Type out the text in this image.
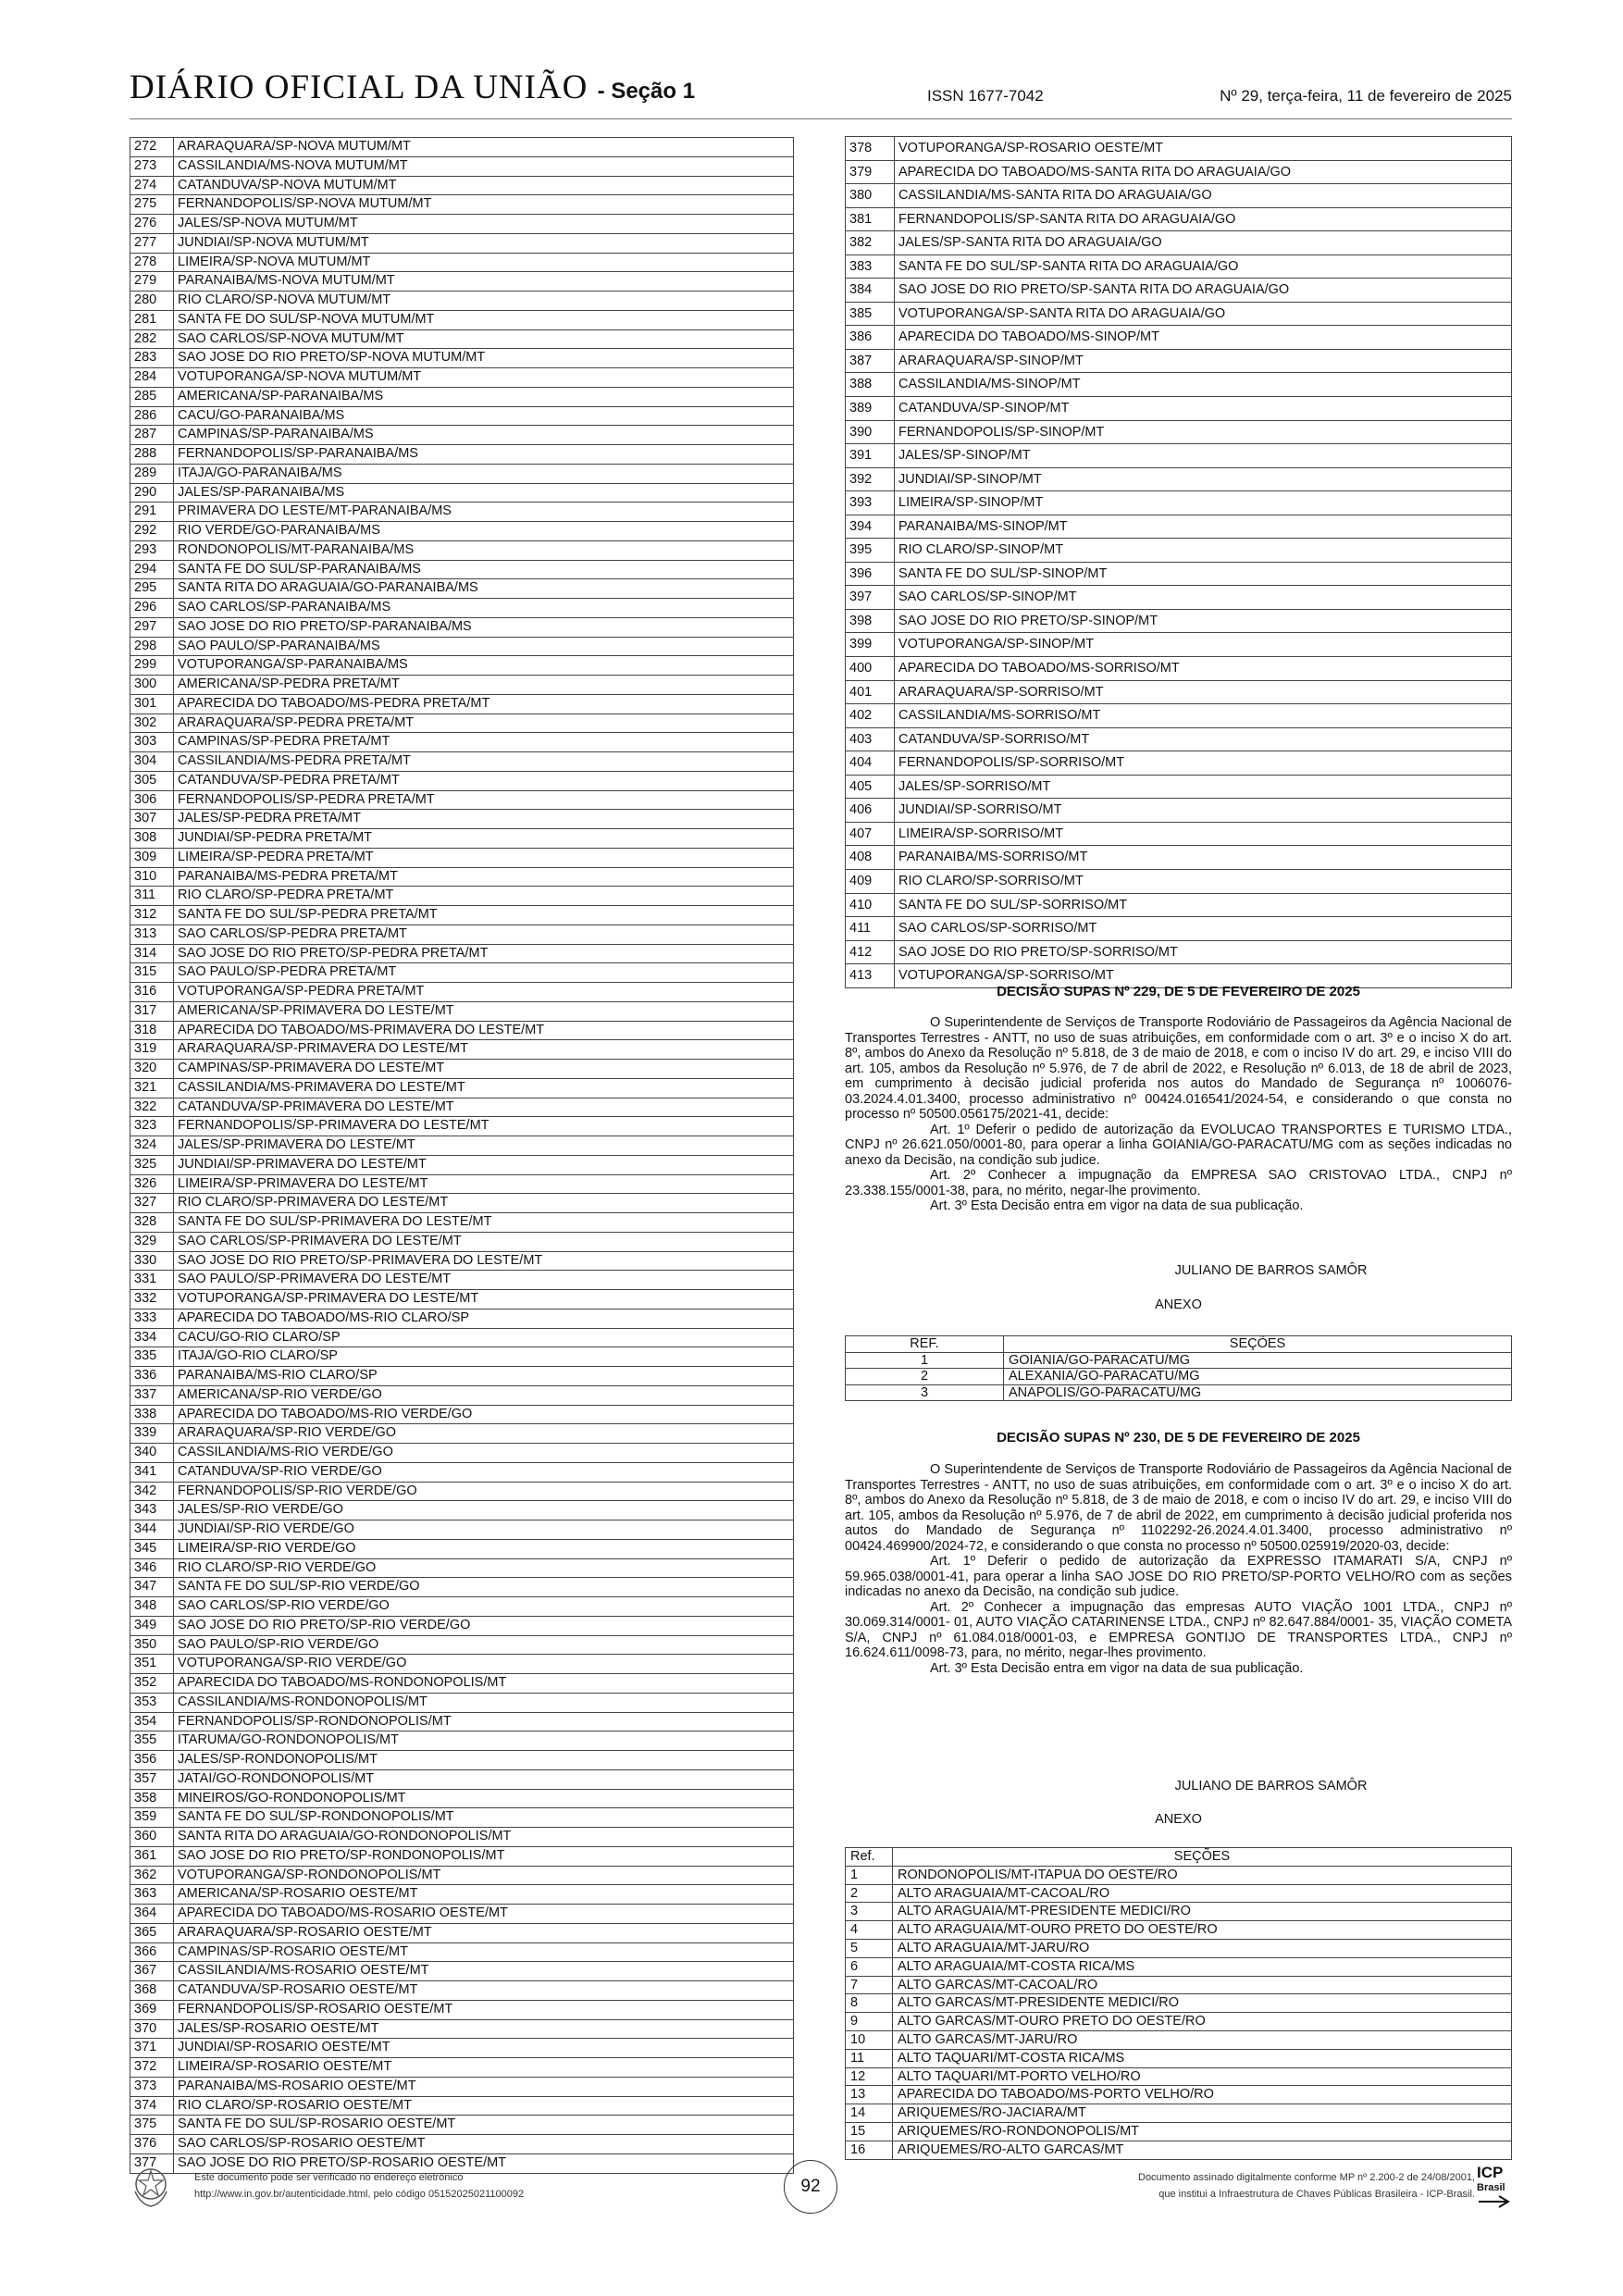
DIÁRIO OFICIAL DA UNIÃO - Seção 1	ISSN 1677-7042	Nº 29, terça-feira, 11 de fevereiro de 2025
272	ARARAQUARA/SP-NOVA MUTUM/MT
273	CASSILANDIA/MS-NOVA MUTUM/MT
274	CATANDUVA/SP-NOVA MUTUM/MT
275	FERNANDOPOLIS/SP-NOVA MUTUM/MT
276	JALES/SP-NOVA MUTUM/MT
277	JUNDIAI/SP-NOVA MUTUM/MT
278	LIMEIRA/SP-NOVA MUTUM/MT
279	PARANAIBA/MS-NOVA MUTUM/MT
280	RIO CLARO/SP-NOVA MUTUM/MT
281	SANTA FE DO SUL/SP-NOVA MUTUM/MT
282	SAO CARLOS/SP-NOVA MUTUM/MT
283	SAO JOSE DO RIO PRETO/SP-NOVA MUTUM/MT
284	VOTUPORANGA/SP-NOVA MUTUM/MT
285	AMERICANA/SP-PARANAIBA/MS
286	CACU/GO-PARANAIBA/MS
287	CAMPINAS/SP-PARANAIBA/MS
288	FERNANDOPOLIS/SP-PARANAIBA/MS
289	ITAJA/GO-PARANAIBA/MS
290	JALES/SP-PARANAIBA/MS
291	PRIMAVERA DO LESTE/MT-PARANAIBA/MS
292	RIO VERDE/GO-PARANAIBA/MS
293	RONDONOPOLIS/MT-PARANAIBA/MS
294	SANTA FE DO SUL/SP-PARANAIBA/MS
295	SANTA RITA DO ARAGUAIA/GO-PARANAIBA/MS
296	SAO CARLOS/SP-PARANAIBA/MS
297	SAO JOSE DO RIO PRETO/SP-PARANAIBA/MS
298	SAO PAULO/SP-PARANAIBA/MS
299	VOTUPORANGA/SP-PARANAIBA/MS
300	AMERICANA/SP-PEDRA PRETA/MT
301	APARECIDA DO TABOADO/MS-PEDRA PRETA/MT
302	ARARAQUARA/SP-PEDRA PRETA/MT
303	CAMPINAS/SP-PEDRA PRETA/MT
304	CASSILANDIA/MS-PEDRA PRETA/MT
305	CATANDUVA/SP-PEDRA PRETA/MT
306	FERNANDOPOLIS/SP-PEDRA PRETA/MT
307	JALES/SP-PEDRA PRETA/MT
308	JUNDIAI/SP-PEDRA PRETA/MT
309	LIMEIRA/SP-PEDRA PRETA/MT
310	PARANAIBA/MS-PEDRA PRETA/MT
311	RIO CLARO/SP-PEDRA PRETA/MT
312	SANTA FE DO SUL/SP-PEDRA PRETA/MT
313	SAO CARLOS/SP-PEDRA PRETA/MT
314	SAO JOSE DO RIO PRETO/SP-PEDRA PRETA/MT
315	SAO PAULO/SP-PEDRA PRETA/MT
316	VOTUPORANGA/SP-PEDRA PRETA/MT
317	AMERICANA/SP-PRIMAVERA DO LESTE/MT
318	APARECIDA DO TABOADO/MS-PRIMAVERA DO LESTE/MT
319	ARARAQUARA/SP-PRIMAVERA DO LESTE/MT
320	CAMPINAS/SP-PRIMAVERA DO LESTE/MT
321	CASSILANDIA/MS-PRIMAVERA DO LESTE/MT
322	CATANDUVA/SP-PRIMAVERA DO LESTE/MT
323	FERNANDOPOLIS/SP-PRIMAVERA DO LESTE/MT
324	JALES/SP-PRIMAVERA DO LESTE/MT
325	JUNDIAI/SP-PRIMAVERA DO LESTE/MT
326	LIMEIRA/SP-PRIMAVERA DO LESTE/MT
327	RIO CLARO/SP-PRIMAVERA DO LESTE/MT
328	SANTA FE DO SUL/SP-PRIMAVERA DO LESTE/MT
329	SAO CARLOS/SP-PRIMAVERA DO LESTE/MT
330	SAO JOSE DO RIO PRETO/SP-PRIMAVERA DO LESTE/MT
331	SAO PAULO/SP-PRIMAVERA DO LESTE/MT
332	VOTUPORANGA/SP-PRIMAVERA DO LESTE/MT
333	APARECIDA DO TABOADO/MS-RIO CLARO/SP
334	CACU/GO-RIO CLARO/SP
335	ITAJA/GO-RIO CLARO/SP
336	PARANAIBA/MS-RIO CLARO/SP
337	AMERICANA/SP-RIO VERDE/GO
338	APARECIDA DO TABOADO/MS-RIO VERDE/GO
339	ARARAQUARA/SP-RIO VERDE/GO
340	CASSILANDIA/MS-RIO VERDE/GO
341	CATANDUVA/SP-RIO VERDE/GO
342	FERNANDOPOLIS/SP-RIO VERDE/GO
343	JALES/SP-RIO VERDE/GO
344	JUNDIAI/SP-RIO VERDE/GO
345	LIMEIRA/SP-RIO VERDE/GO
346	RIO CLARO/SP-RIO VERDE/GO
347	SANTA FE DO SUL/SP-RIO VERDE/GO
348	SAO CARLOS/SP-RIO VERDE/GO
349	SAO JOSE DO RIO PRETO/SP-RIO VERDE/GO
350	SAO PAULO/SP-RIO VERDE/GO
351	VOTUPORANGA/SP-RIO VERDE/GO
352	APARECIDA DO TABOADO/MS-RONDONOPOLIS/MT
353	CASSILANDIA/MS-RONDONOPOLIS/MT
354	FERNANDOPOLIS/SP-RONDONOPOLIS/MT
355	ITARUMA/GO-RONDONOPOLIS/MT
356	JALES/SP-RONDONOPOLIS/MT
357	JATAI/GO-RONDONOPOLIS/MT
358	MINEIROS/GO-RONDONOPOLIS/MT
359	SANTA FE DO SUL/SP-RONDONOPOLIS/MT
360	SANTA RITA DO ARAGUAIA/GO-RONDONOPOLIS/MT
361	SAO JOSE DO RIO PRETO/SP-RONDONOPOLIS/MT
362	VOTUPORANGA/SP-RONDONOPOLIS/MT
363	AMERICANA/SP-ROSARIO OESTE/MT
364	APARECIDA DO TABOADO/MS-ROSARIO OESTE/MT
365	ARARAQUARA/SP-ROSARIO OESTE/MT
366	CAMPINAS/SP-ROSARIO OESTE/MT
367	CASSILANDIA/MS-ROSARIO OESTE/MT
368	CATANDUVA/SP-ROSARIO OESTE/MT
369	FERNANDOPOLIS/SP-ROSARIO OESTE/MT
370	JALES/SP-ROSARIO OESTE/MT
371	JUNDIAI/SP-ROSARIO OESTE/MT
372	LIMEIRA/SP-ROSARIO OESTE/MT
373	PARANAIBA/MS-ROSARIO OESTE/MT
374	RIO CLARO/SP-ROSARIO OESTE/MT
375	SANTA FE DO SUL/SP-ROSARIO OESTE/MT
376	SAO CARLOS/SP-ROSARIO OESTE/MT
377	SAO JOSE DO RIO PRETO/SP-ROSARIO OESTE/MT
378	VOTUPORANGA/SP-ROSARIO OESTE/MT
379	APARECIDA DO TABOADO/MS-SANTA RITA DO ARAGUAIA/GO
380	CASSILANDIA/MS-SANTA RITA DO ARAGUAIA/GO
381	FERNANDOPOLIS/SP-SANTA RITA DO ARAGUAIA/GO
382	JALES/SP-SANTA RITA DO ARAGUAIA/GO
383	SANTA FE DO SUL/SP-SANTA RITA DO ARAGUAIA/GO
384	SAO JOSE DO RIO PRETO/SP-SANTA RITA DO ARAGUAIA/GO
385	VOTUPORANGA/SP-SANTA RITA DO ARAGUAIA/GO
386	APARECIDA DO TABOADO/MS-SINOP/MT
387	ARARAQUARA/SP-SINOP/MT
388	CASSILANDIA/MS-SINOP/MT
389	CATANDUVA/SP-SINOP/MT
390	FERNANDOPOLIS/SP-SINOP/MT
391	JALES/SP-SINOP/MT
392	JUNDIAI/SP-SINOP/MT
393	LIMEIRA/SP-SINOP/MT
394	PARANAIBA/MS-SINOP/MT
395	RIO CLARO/SP-SINOP/MT
396	SANTA FE DO SUL/SP-SINOP/MT
397	SAO CARLOS/SP-SINOP/MT
398	SAO JOSE DO RIO PRETO/SP-SINOP/MT
399	VOTUPORANGA/SP-SINOP/MT
400	APARECIDA DO TABOADO/MS-SORRISO/MT
401	ARARAQUARA/SP-SORRISO/MT
402	CASSILANDIA/MS-SORRISO/MT
403	CATANDUVA/SP-SORRISO/MT
404	FERNANDOPOLIS/SP-SORRISO/MT
405	JALES/SP-SORRISO/MT
406	JUNDIAI/SP-SORRISO/MT
407	LIMEIRA/SP-SORRISO/MT
408	PARANAIBA/MS-SORRISO/MT
409	RIO CLARO/SP-SORRISO/MT
410	SANTA FE DO SUL/SP-SORRISO/MT
411	SAO CARLOS/SP-SORRISO/MT
412	SAO JOSE DO RIO PRETO/SP-SORRISO/MT
413	VOTUPORANGA/SP-SORRISO/MT
DECISÃO SUPAS Nº 229, DE 5 DE FEVEREIRO DE 2025

O Superintendente de Serviços de Transporte Rodoviário de Passageiros da Agência Nacional de Transportes Terrestres - ANTT, no uso de suas atribuições, em conformidade com o art. 3º e o inciso X do art. 8º, ambos do Anexo da Resolução nº 5.818, de 3 de maio de 2018, e com o inciso IV do art. 29, e inciso VIII do art. 105, ambos da Resolução nº 5.976, de 7 de abril de 2022, e Resolução nº 6.013, de 18 de abril de 2023, em cumprimento à decisão judicial proferida nos autos do Mandado de Segurança nº 1006076-03.2024.4.01.3400, processo administrativo nº 00424.016541/2024-54, e considerando o que consta no processo nº 50500.056175/2021-41, decide:

Art. 1º Deferir o pedido de autorização da EVOLUCAO TRANSPORTES E TURISMO LTDA., CNPJ nº 26.621.050/0001-80, para operar a linha GOIANIA/GO-PARACATU/MG com as seções indicadas no anexo da Decisão, na condição sub judice.

Art. 2º Conhecer a impugnação da EMPRESA SAO CRISTOVAO LTDA., CNPJ nº 23.338.155/0001-38, para, no mérito, negar-lhe provimento.

Art. 3º Esta Decisão entra em vigor na data de sua publicação.

JULIANO DE BARROS SAMÔR
ANEXO
REF.	SEÇÕES
1	GOIANIA/GO-PARACATU/MG
2	ALEXANIA/GO-PARACATU/MG
3	ANAPOLIS/GO-PARACATU/MG
DECISÃO SUPAS Nº 230, DE 5 DE FEVEREIRO DE 2025

O Superintendente de Serviços de Transporte Rodoviário de Passageiros da Agência Nacional de Transportes Terrestres - ANTT, no uso de suas atribuições, em conformidade com o art. 3º e o inciso X do art. 8º, ambos do Anexo da Resolução nº 5.818, de 3 de maio de 2018, e com o inciso IV do art. 29, e inciso VIII do art. 105, ambos da Resolução nº 5.976, de 7 de abril de 2022, em cumprimento à decisão judicial proferida nos autos do Mandado de Segurança nº 1102292-26.2024.4.01.3400, processo administrativo nº 00424.469900/2024-72, e considerando o que consta no processo nº 50500.025919/2020-03, decide:

Art. 1º Deferir o pedido de autorização da EXPRESSO ITAMARATI S/A, CNPJ nº 59.965.038/0001-41, para operar a linha SAO JOSE DO RIO PRETO/SP-PORTO VELHO/RO com as seções indicadas no anexo da Decisão, na condição sub judice.

Art. 2º Conhecer a impugnação das empresas AUTO VIAÇÃO 1001 LTDA., CNPJ nº 30.069.314/0001- 01, AUTO VIAÇÃO CATARINENSE LTDA., CNPJ nº 82.647.884/0001- 35, VIAÇÃO COMETA S/A, CNPJ nº 61.084.018/0001-03, e EMPRESA GONTIJO DE TRANSPORTES LTDA., CNPJ nº 16.624.611/0098-73, para, no mérito, negar-lhes provimento.

Art. 3º Esta Decisão entra em vigor na data de sua publicação.

JULIANO DE BARROS SAMÔR
ANEXO
Ref.	SEÇÕES
1	RONDONOPOLIS/MT-ITAPUA DO OESTE/RO
2	ALTO ARAGUAIA/MT-CACOAL/RO
3	ALTO ARAGUAIA/MT-PRESIDENTE MEDICI/RO
4	ALTO ARAGUAIA/MT-OURO PRETO DO OESTE/RO
5	ALTO ARAGUAIA/MT-JARU/RO
6	ALTO ARAGUAIA/MT-COSTA RICA/MS
7	ALTO GARCAS/MT-CACOAL/RO
8	ALTO GARCAS/MT-PRESIDENTE MEDICI/RO
9	ALTO GARCAS/MT-OURO PRETO DO OESTE/RO
10	ALTO GARCAS/MT-JARU/RO
11	ALTO TAQUARI/MT-COSTA RICA/MS
12	ALTO TAQUARI/MT-PORTO VELHO/RO
13	APARECIDA DO TABOADO/MS-PORTO VELHO/RO
14	ARIQUEMES/RO-JACIARA/MT
15	ARIQUEMES/RO-RONDONOPOLIS/MT
16	ARIQUEMES/RO-ALTO GARCAS/MT
Este documento pode ser verificado no endereço eletrônico
http://www.in.gov.br/autenticidade.html, pelo código 05152025021100092	92	Documento assinado digitalmente conforme MP nº 2.200-2 de 24/08/2001,
que institui a Infraestrutura de Chaves Públicas Brasileira - ICP-Brasil.
ICP
Brasil
